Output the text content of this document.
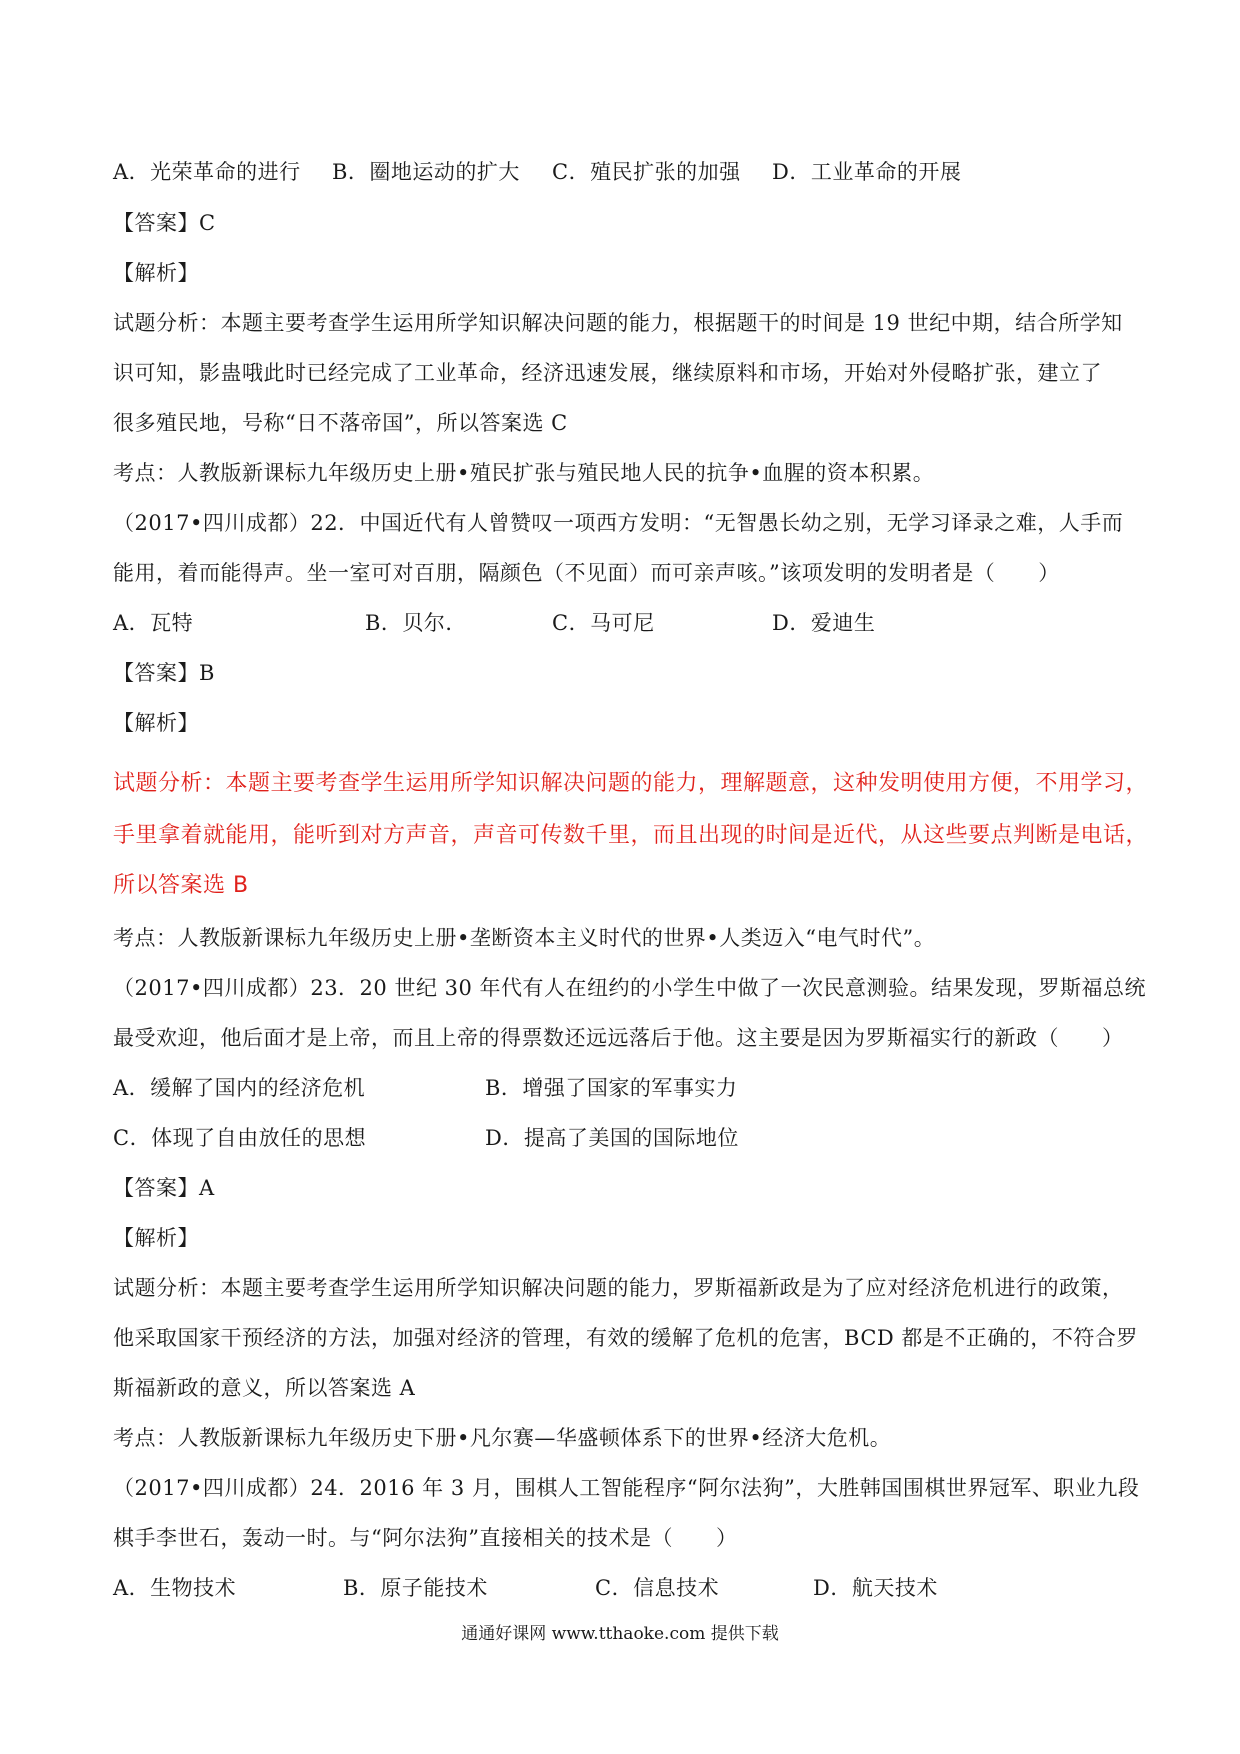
A．光荣革命的进行 B．圈地运动的扩大 C．殖民扩张的加强 D．工业革命的开展
【答案】C
【解析】
试题分析：本题主要考查学生运用所学知识解决问题的能力，根据题干的时间是 19 世纪中期，结合所学知
识可知，影蛊哦此时已经完成了工业革命，经济迅速发展，继续原料和市场，开始对外侵略扩张，建立了
很多殖民地，号称“日不落帝国”，所以答案选 C
考点：人教版新课标九年级历史上册•殖民扩张与殖民地人民的抗争•血腥的资本积累。
（2017•四川成都）22．中国近代有人曾赞叹一项西方发明：“无智愚长幼之别，无学习译录之难，人手而
能用，着而能得声。坐一室可对百朋，隔颜色（不见面）而可亲声咳。”该项发明的发明者是（　　）
A．瓦特	B．贝尔．	C．马可尼	D．爱迪生
【答案】B
【解析】
试题分析：本题主要考查学生运用所学知识解决问题的能力，理解题意，这种发明使用方便，不用学习，
手里拿着就能用，能听到对方声音，声音可传数千里，而且出现的时间是近代，从这些要点判断是电话，
所以答案选 B
考点：人教版新课标九年级历史上册•垄断资本主义时代的世界•人类迈入“电气时代”。
（2017•四川成都）23．20 世纪 30 年代有人在纽约的小学生中做了一次民意测验。结果发现，罗斯福总统
最受欢迎，他后面才是上帝，而且上帝的得票数还远远落后于他。这主要是因为罗斯福实行的新政（　　）
A．缓解了国内的经济危机	B．增强了国家的军事实力
C．体现了自由放任的思想	D．提高了美国的国际地位
【答案】A
【解析】
试题分析：本题主要考查学生运用所学知识解决问题的能力，罗斯福新政是为了应对经济危机进行的政策，
他采取国家干预经济的方法，加强对经济的管理，有效的缓解了危机的危害，BCD 都是不正确的，不符合罗
斯福新政的意义，所以答案选 A
考点：人教版新课标九年级历史下册•凡尔赛—华盛顿体系下的世界•经济大危机。
（2017•四川成都）24．2016 年 3 月，围棋人工智能程序“阿尔法狗”，大胜韩国围棋世界冠军、职业九段
棋手李世石，轰动一时。与“阿尔法狗”直接相关的技术是（　　）
A．生物技术	B．原子能技术	C．信息技术	D．航天技术
通通好课网 www.tthaoke.com 提供下载
